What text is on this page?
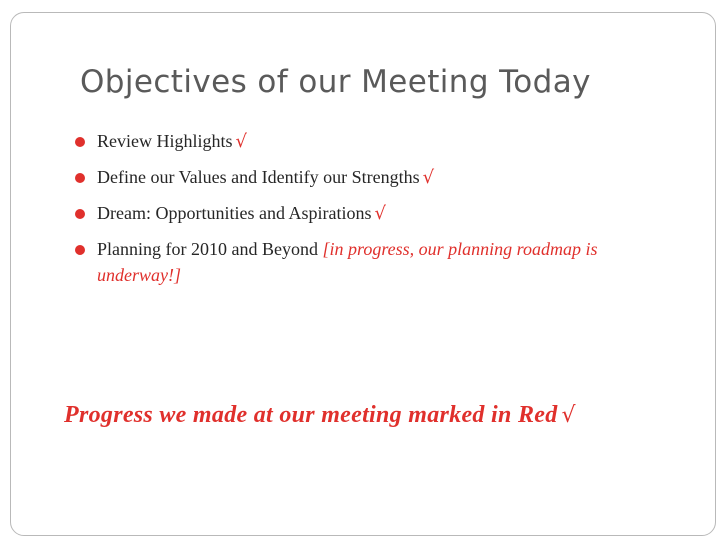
Objectives of our Meeting Today
Review Highlights √
Define our Values and Identify our Strengths √
Dream: Opportunities and Aspirations √
Planning for 2010 and Beyond [in progress, our planning roadmap is underway!]
Progress we made at our meeting marked in Red √
